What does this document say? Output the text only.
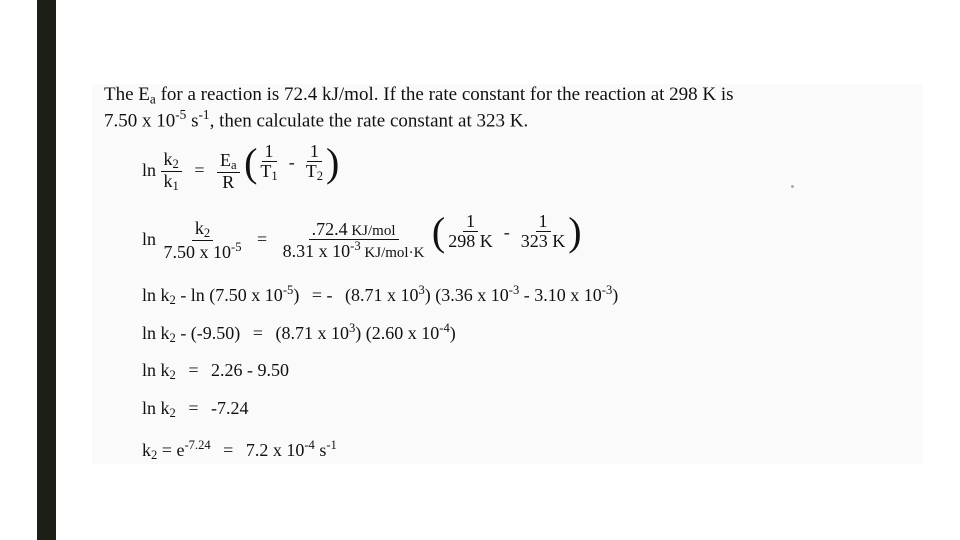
The $E_a$ for a reaction is 72.4 kJ/mol. If the rate constant for the reaction at 298 K is
7.50 x $10^{-5}$ $s^{-1}$, then calculate the rate constant at 323 K.
$\ln \frac{k_2}{k_1} = \frac{E_a}{R}$
( $\frac{1}{T_1} - \frac{1}{T_2}$ )
$\ln \frac{k_2}{7.50 x 10^{-5}} = \frac{\text{.72.4 KJ/mol}}{8.31 x 10^{-3} KJ/mol\cdot K}$
( $\frac{1}{298 K} - \frac{1}{323 K}$ )
$\ln k_2$ - ln (7.50 x $10^{-5}$) = - (8.71 x $10^3$) (3.36 x $10^{-3} - 3.10$ x $10^{-3}$)
$\ln k_2 - (-9.50) = (8.71$ x $10^3$) (2.60 x $10^{-4}$)
$\ln k_2 = 2.26 - 9.50$
$\ln k_2 = -7.24$
$k_2 = e^{-7.24} = 7.2$ x $10^{-4}$ $s^{-1}$
